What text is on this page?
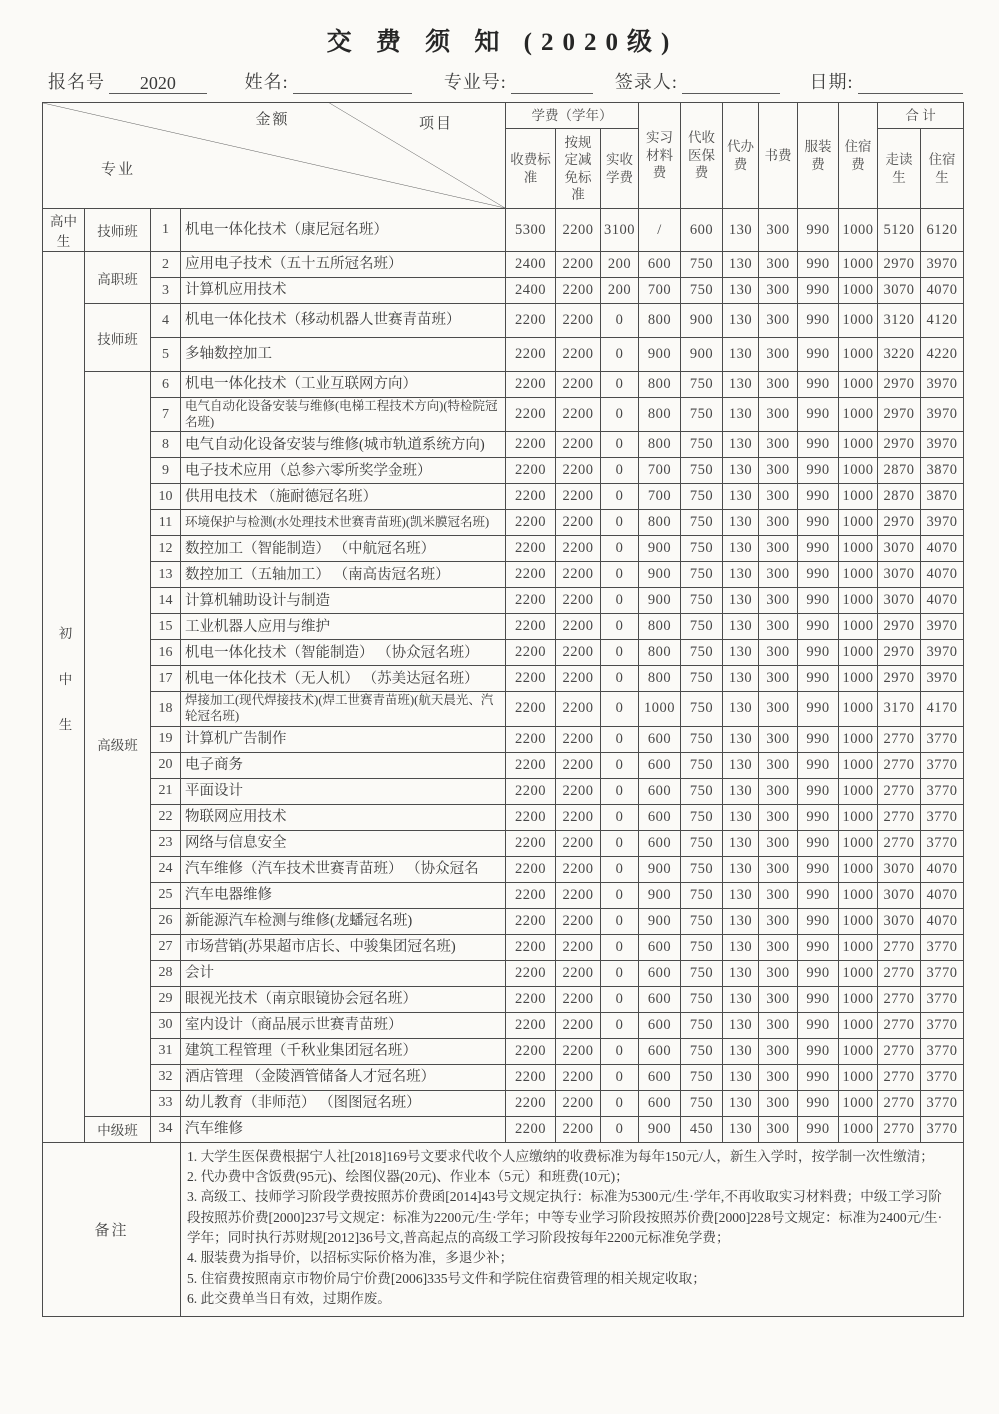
交 费 须 知 (2020级)
报名号	2020	姓名:	专业号:	签录人:	日期:
金额 项目
专业				学费（学年）			实习材料费	代收医保费	代办费	书费	服装费	住宿费	合 计	
				收费标准	按规定减免标准	实收学费							走读生	住宿生
高中生	技师班	1	机电一体化技术（康尼冠名班）	5300	2200	3100	/	600	130	300	990	1000	5120	6120
初中生	高职班	2	应用电子技术（五十五所冠名班）	2400	2200	200	600	750	130	300	990	1000	2970	3970
		3	计算机应用技术	2400	2200	200	700	750	130	300	990	1000	3070	4070
	技师班	4	机电一体化技术（移动机器人世赛青苗班）	2200	2200	0	800	900	130	300	990	1000	3120	4120
		5	多轴数控加工	2200	2200	0	900	900	130	300	990	1000	3220	4220
	高级班	6	机电一体化技术（工业互联网方向）	2200	2200	0	800	750	130	300	990	1000	2970	3970
		7	电气自动化设备安装与维修(电梯工程技术方向)(特检院冠名班)	2200	2200	0	800	750	130	300	990	1000	2970	3970
		8	电气自动化设备安装与维修(城市轨道系统方向)	2200	2200	0	800	750	130	300	990	1000	2970	3970
		9	电子技术应用（总参六零所奖学金班）	2200	2200	0	700	750	130	300	990	1000	2870	3870
		10	供用电技术 （施耐德冠名班）	2200	2200	0	700	750	130	300	990	1000	2870	3870
		11	环境保护与检测(水处理技术世赛青苗班)(凯米膜冠名班)	2200	2200	0	800	750	130	300	990	1000	2970	3970
		12	数控加工（智能制造） （中航冠名班）	2200	2200	0	900	750	130	300	990	1000	3070	4070
		13	数控加工（五轴加工） （南高齿冠名班）	2200	2200	0	900	750	130	300	990	1000	3070	4070
		14	计算机辅助设计与制造	2200	2200	0	900	750	130	300	990	1000	3070	4070
		15	工业机器人应用与维护	2200	2200	0	800	750	130	300	990	1000	2970	3970
		16	机电一体化技术（智能制造） （协众冠名班）	2200	2200	0	800	750	130	300	990	1000	2970	3970
		17	机电一体化技术（无人机） （苏美达冠名班）	2200	2200	0	800	750	130	300	990	1000	2970	3970
		18	焊接加工(现代焊接技术)(焊工世赛青苗班)(航天晨光、汽轮冠名班)	2200	2200	0	1000	750	130	300	990	1000	3170	4170
		19	计算机广告制作	2200	2200	0	600	750	130	300	990	1000	2770	3770
		20	电子商务	2200	2200	0	600	750	130	300	990	1000	2770	3770
		21	平面设计	2200	2200	0	600	750	130	300	990	1000	2770	3770
		22	物联网应用技术	2200	2200	0	600	750	130	300	990	1000	2770	3770
		23	网络与信息安全	2200	2200	0	600	750	130	300	990	1000	2770	3770
		24	汽车维修（汽车技术世赛青苗班） （协众冠名	2200	2200	0	900	750	130	300	990	1000	3070	4070
		25	汽车电器维修	2200	2200	0	900	750	130	300	990	1000	3070	4070
		26	新能源汽车检测与维修(龙蟠冠名班)	2200	2200	0	900	750	130	300	990	1000	3070	4070
		27	市场营销(苏果超市店长、中骏集团冠名班)	2200	2200	0	600	750	130	300	990	1000	2770	3770
		28	会计	2200	2200	0	600	750	130	300	990	1000	2770	3770
		29	眼视光技术（南京眼镜协会冠名班）	2200	2200	0	600	750	130	300	990	1000	2770	3770
		30	室内设计（商品展示世赛青苗班）	2200	2200	0	600	750	130	300	990	1000	2770	3770
		31	建筑工程管理（千秋业集团冠名班）	2200	2200	0	600	750	130	300	990	1000	2770	3770
		32	酒店管理 （金陵酒管储备人才冠名班）	2200	2200	0	600	750	130	300	990	1000	2770	3770
		33	幼儿教育（非师范） （图图冠名班）	2200	2200	0	600	750	130	300	990	1000	2770	3770
	中级班	34	汽车维修	2200	2200	0	900	450	130	300	990	1000	2770	3770
备注	
1. 大学生医保费根据宁人社[2018]169号文要求代收个人应缴纳的收费标准为每年150元/人，新生入学时，按学制一次性缴清；
2. 代办费中含饭费(95元)、绘图仪器(20元)、作业本（5元）和班费(10元)；
3. 高级工、技师学习阶段学费按照苏价费函[2014]43号文规定执行：标准为5300元/生·学年,不再收取实习材料费；中级工学习阶段按照苏价费[2000]237号文规定：标准为2200元/生·学年；中等专业学习阶段按照苏价费[2000]228号文规定：标准为2400元/生·学年；同时执行苏财规[2012]36号文,普高起点的高级工学习阶段按每年2200元标准免学费；
4. 服装费为指导价，以招标实际价格为准，多退少补；
5. 住宿费按照南京市物价局宁价费[2006]335号文件和学院住宿费管理的相关规定收取；
6. 此交费单当日有效，过期作废。
